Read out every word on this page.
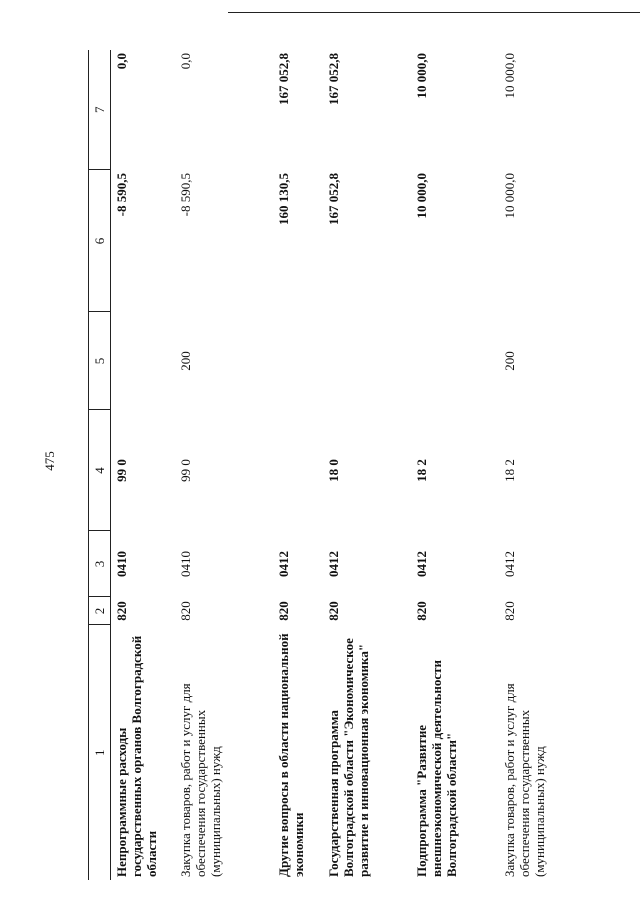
475
1	2	3	4	5	6	7
Непрограммные расходы государственных органов Волгоградской области	820	0410	99 0		-8 590,5	0,0
Закупка товаров, работ и услуг для обеспечения государственных (муниципальных) нужд	820	0410	99 0	200	-8 590,5	0,0
Другие вопросы в области национальной экономики	820	0412			160 130,5	167 052,8
Государственная программа Волгоградской области "Экономическое развитие и инновационная экономика"	820	0412	18 0		167 052,8	167 052,8
Подпрограмма "Развитие внешнеэкономической деятельности Волгоградской области"	820	0412	18 2		10 000,0	10 000,0
Закупка товаров, работ и услуг для обеспечения государственных (муниципальных) нужд	820	0412	18 2	200	10 000,0	10 000,0
